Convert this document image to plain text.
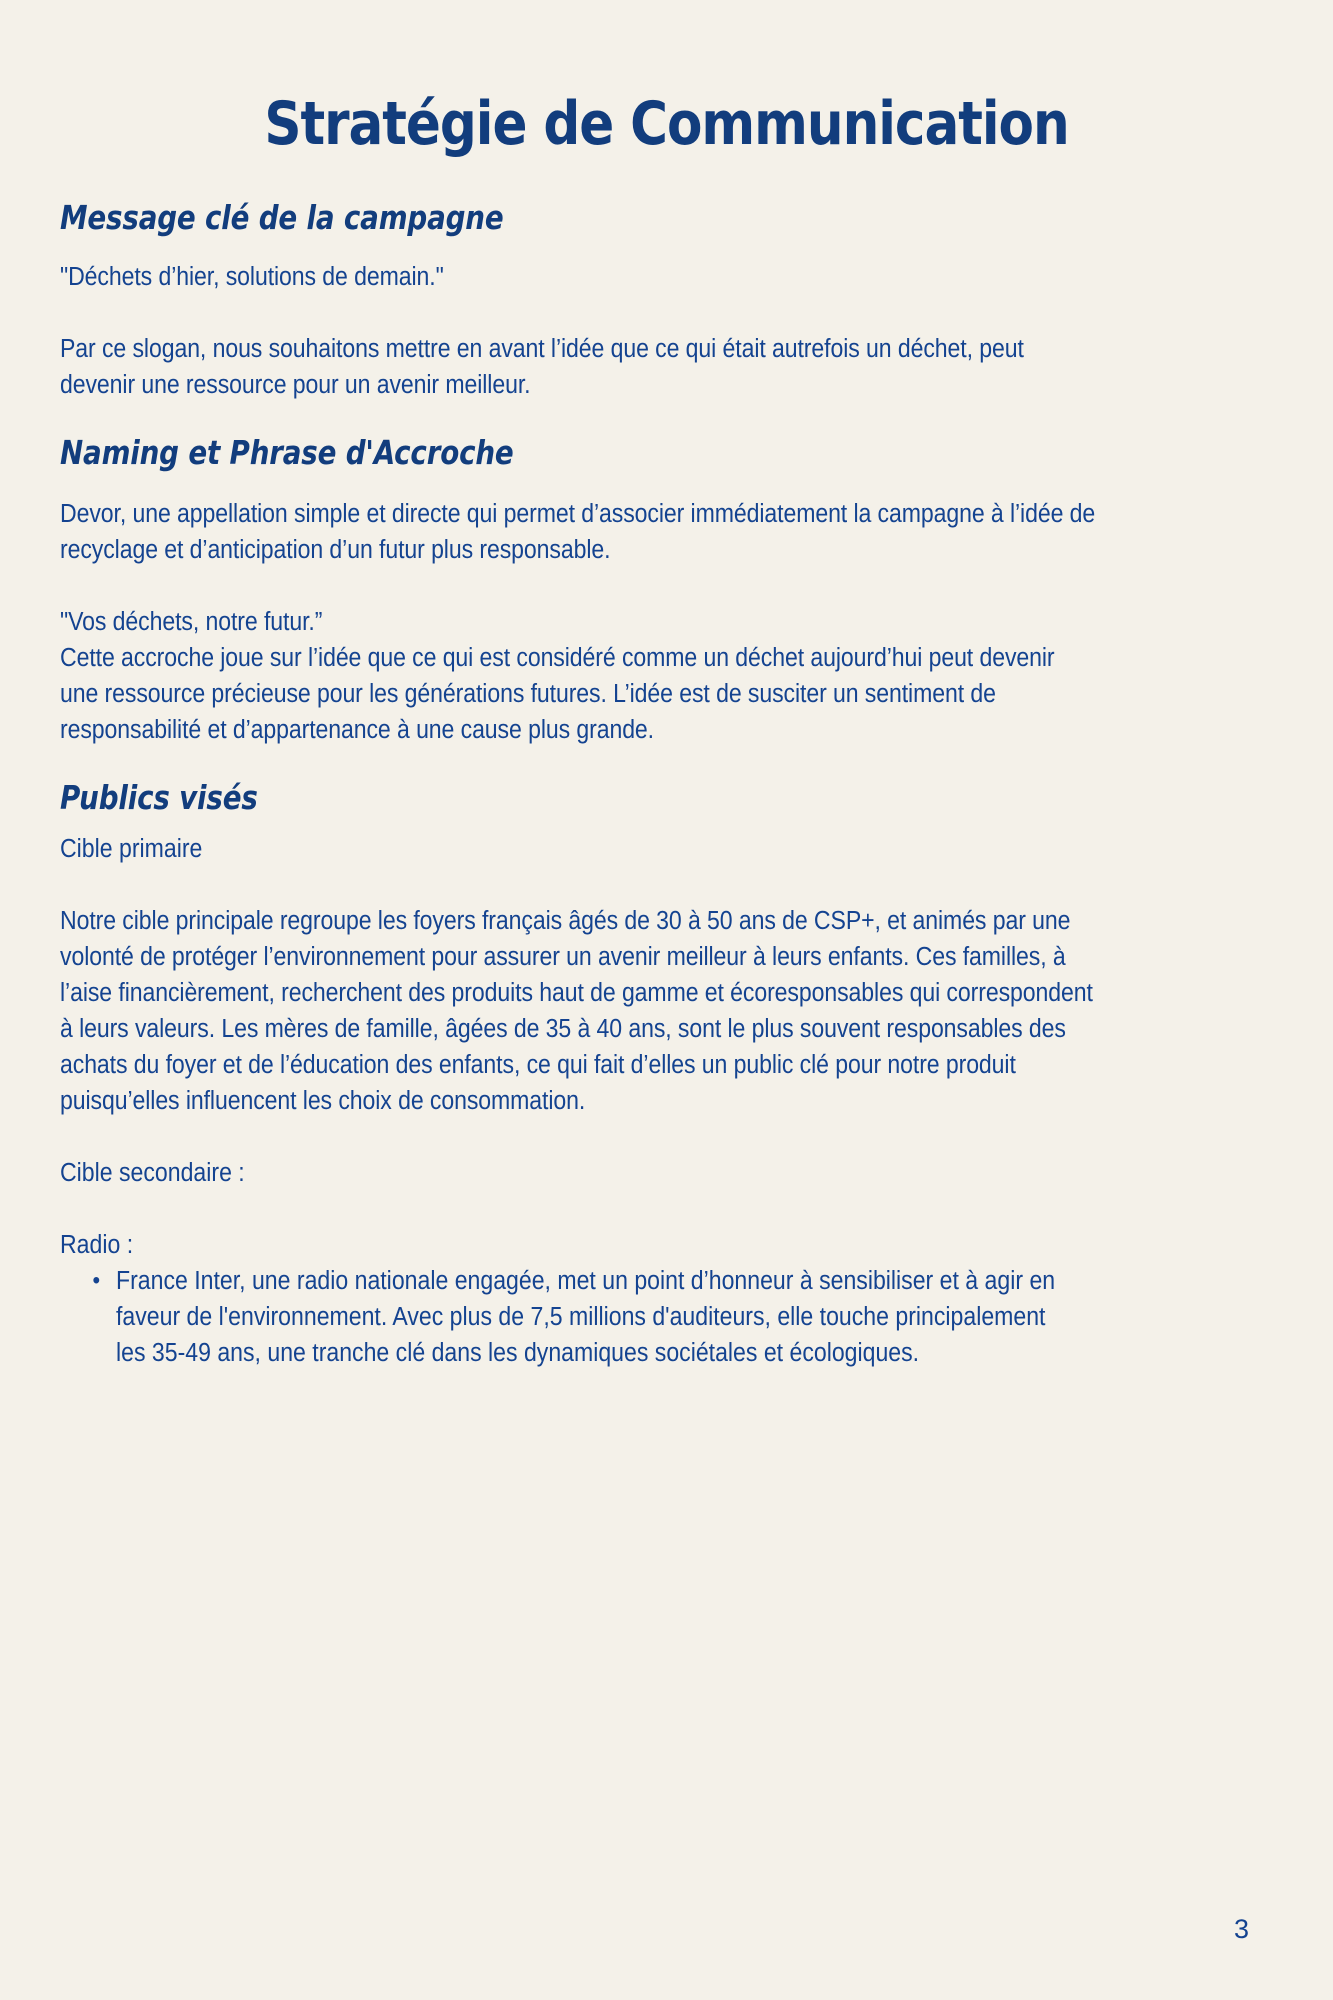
Stratégie de Communication
Message clé de la campagne

"Déchets d’hier, solutions de demain."

Par ce slogan, nous souhaitons mettre en avant l’idée que ce qui était autrefois un déchet, peut devenir une ressource pour un avenir meilleur.

Naming et Phrase d'Accroche

Devor, une appellation simple et directe qui permet d’associer immédiatement la campagne à l’idée de recyclage et d’anticipation d’un futur plus responsable.

"Vos déchets, notre futur.”

Cette accroche joue sur l’idée que ce qui est considéré comme un déchet aujourd’hui peut devenir une ressource précieuse pour les générations futures. L’idée est de susciter un sentiment de responsabilité et d’appartenance à une cause plus grande.

Publics visés

Cible primaire

Notre cible principale regroupe les foyers français âgés de 30 à 50 ans de CSP+, et animés par une volonté de protéger l’environnement pour assurer un avenir meilleur à leurs enfants. Ces familles, à l’aise financièrement, recherchent des produits haut de gamme et écoresponsables qui correspondent à leurs valeurs. Les mères de famille, âgées de 35 à 40 ans, sont le plus souvent responsables des achats du foyer et de l’éducation des enfants, ce qui fait d’elles un public clé pour notre produit puisqu’elles influencent les choix de consommation.

Cible secondaire :

Radio :

• France Inter, une radio nationale engagée, met un point d’honneur à sensibiliser et à agir en faveur de l'environnement. Avec plus de 7,5 millions d'auditeurs, elle touche principalement les 35-49 ans, une tranche clé dans les dynamiques sociétales et écologiques.
3
